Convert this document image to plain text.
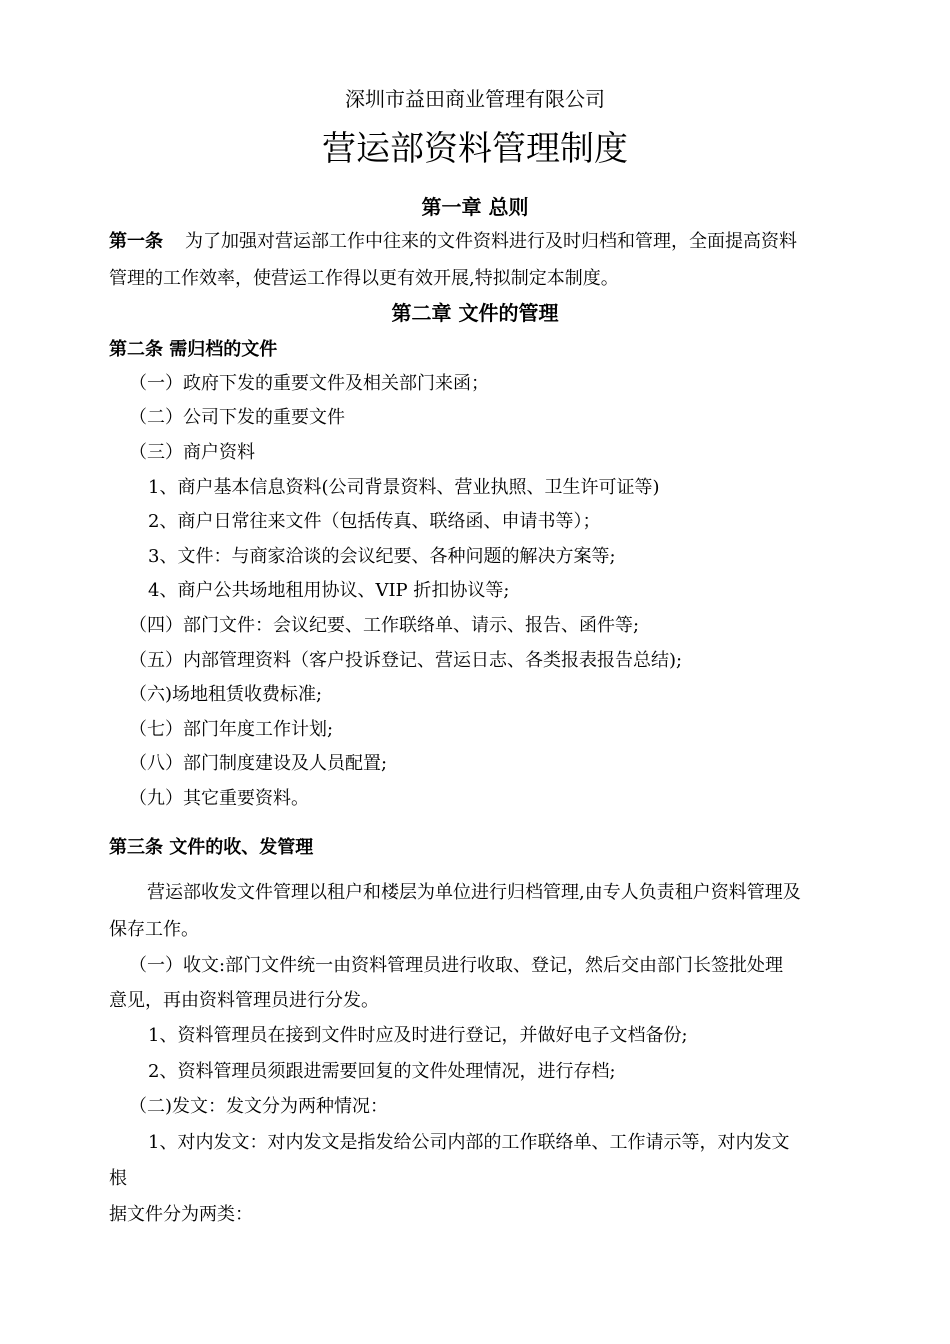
深圳市益田商业管理有限公司
营运部资料管理制度
第一章 总则
第一条 为了加强对营运部工作中往来的文件资料进行及时归档和管理，全面提高资料
管理的工作效率，使营运工作得以更有效开展,特拟制定本制度。
第二章 文件的管理
第二条 需归档的文件
（一）政府下发的重要文件及相关部门来函；
（二）公司下发的重要文件
（三）商户资料
1、商户基本信息资料(公司背景资料、营业执照、卫生许可证等)
2、商户日常往来文件（包括传真、联络函、申请书等）；
3、文件：与商家洽谈的会议纪要、各种问题的解决方案等;
4、商户公共场地租用协议、VIP 折扣协议等;
（四）部门文件：会议纪要、工作联络单、请示、报告、函件等;
（五）内部管理资料（客户投诉登记、营运日志、各类报表报告总结);
（六)场地租赁收费标准;
（七）部门年度工作计划;
（八）部门制度建设及人员配置;
（九）其它重要资料。
第三条 文件的收、发管理
营运部收发文件管理以租户和楼层为单位进行归档管理,由专人负责租户资料管理及
保存工作。
（一）收文:部门文件统一由资料管理员进行收取、登记，然后交由部门长签批处理
意见，再由资料管理员进行分发。
1、资料管理员在接到文件时应及时进行登记，并做好电子文档备份;
2、资料管理员须跟进需要回复的文件处理情况，进行存档;
（二)发文：发文分为两种情况：
1、对内发文：对内发文是指发给公司内部的工作联络单、工作请示等，对内发文
根
据文件分为两类：
